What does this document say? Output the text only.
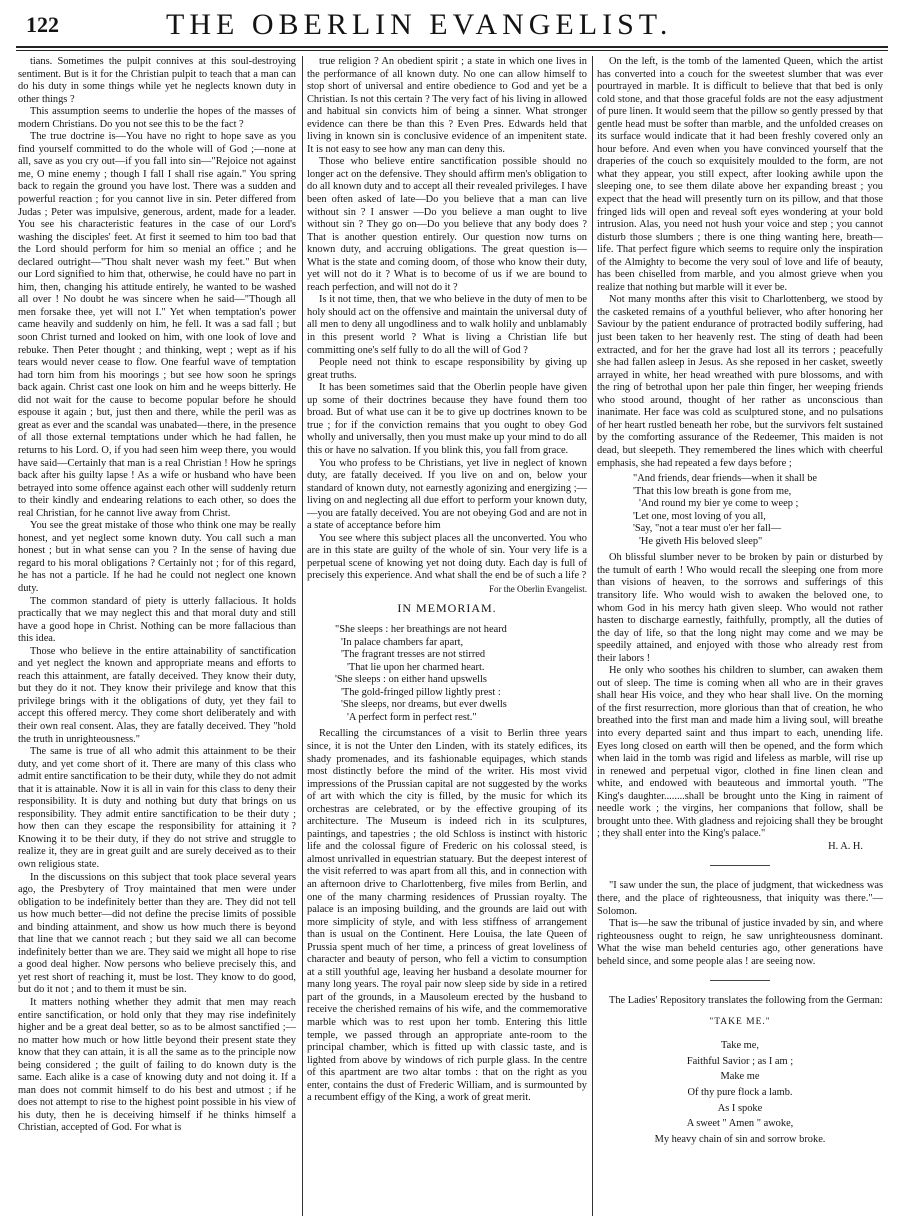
122	THE OBERLIN EVANGELIST.

tians. Sometimes the pulpit connives at this soul-destroying sentiment. But is it for the Christian pulpit to teach that a man can do his duty in some things while yet he neglects known duty in other things ?

This assumption seems to underlie the hopes of the masses of modern Christians. Do you not see this to be the fact ?

The true doctrine is—You have no right to hope save as you find yourself committed to do the whole will of God ;—none at all, save as you cry out—if you fall into sin—"Rejoice not against me, O mine enemy ; though I fall I shall rise again." You spring back to regain the ground you have lost. There was a sudden and powerful reaction ; for you cannot live in sin. Peter differed from Judas ; Peter was impulsive, generous, ardent, made for a leader. You see his characteristic features in the case of our Lord's washing the disciples' feet. At first it seemed to him too bad that the Lord should perform for him so menial an office ; and he declared outright—"Thou shalt never wash my feet." But when our Lord signified to him that, otherwise, he could have no part in him, then, changing his attitude entirely, he wanted to be washed all over ! No doubt he was sincere when he said—"Though all men forsake thee, yet will not I." Yet when temptation's power came heavily and suddenly on him, he fell. It was a sad fall ; but soon Christ turned and looked on him, with one look of love and rebuke. Then Peter thought ; and thinking, wept ; wept as if his tears would never cease to flow. One fearful wave of temptation had torn him from his moorings ; but see how soon he springs back again. Christ cast one look on him and he weeps bitterly. He did not wait for the cause to become popular before he should espouse it again ; but, just then and there, while the peril was as great as ever and the scandal was unabated—there, in the presence of all those external temptations under which he had fallen, he returns to his Lord. O, if you had seen him weep there, you would have said—Certainly that man is a real Christian ! How he springs back after his guilty lapse ! As a wife or husband who have been betrayed into some offence against each other will suddenly return to their kindly and endearing relations to each other, so does the real Christian, for he cannot live away from Christ.

You see the great mistake of those who think one may be really honest, and yet neglect some known duty. You call such a man honest ; but in what sense can you ? In the sense of having due regard to his moral obligations ? Certainly not ; for of this regard, he has not a particle. If he had he could not neglect one known duty.

The common standard of piety is utterly fallacious. It holds practically that we may neglect this and that moral duty and still have a good hope in Christ. Nothing can be more fallacious than this idea.

Those who believe in the entire attainability of sanctification and yet neglect the known and appropriate means and efforts to reach this attainment, are fatally deceived. They know their duty, but they do it not. They know their privilege and know that this privilege brings with it the obligations of duty, yet they fail to accept this offered mercy. They come short deliberately and with their own real consent. Alas, they are fatally deceived. They "hold the truth in unrighteousness."

The same is true of all who admit this attainment to be their duty, and yet come short of it. There are many of this class who admit entire sanctification to be their duty, while they do not admit that it is attainable. Now it is all in vain for this class to deny their responsibility. It is duty and nothing but duty that brings on us responsibility. They admit entire sanctification to be their duty ; how then can they escape the responsibility for attaining it ? Knowing it to be their duty, if they do not strive and struggle to realize it, they are in great guilt and are surely deceived as to their own religious state.

In the discussions on this subject that took place several years ago, the Presbytery of Troy maintained that men were under obligation to be indefinitely better than they are. They did not tell us how much better—did not define the precise limits of possible and binding attainment, and show us how much there is beyond that line that we cannot reach ; but they said we all can become indefinitely better than we are. They said we might all hope to rise a good deal higher. Now persons who believe precisely this, and yet rest short of reaching it, must be lost. They know to do good, but do it not ; and to them it must be sin.

It matters nothing whether they admit that men may reach entire sanctification, or hold only that they may rise indefinitely higher and be a great deal better, so as to be almost sanctified ;—no matter how much or how little beyond their present state they know that they can attain, it is all the same as to the principle now being considered ; the guilt of failing to do known duty is the same. Each alike is a case of knowing duty and not doing it. If a man does not commit himself to do his best and utmost ; if he does not attempt to rise to the highest point possible in his view of his duty, then he is deceiving himself if he thinks himself a Christian, accepted of God. For what is

true religion ? An obedient spirit ; a state in which one lives in the performance of all known duty. No one can allow himself to stop short of universal and entire obedience to God and yet be a Christian. Is not this certain ? The very fact of his living in allowed and habitual sin convicts him of being a sinner. What stronger evidence can there be than this ? Even Pres. Edwards held that living in known sin is conclusive evidence of an impenitent state. It is not easy to see how any man can deny this.

Those who believe entire sanctification possible should no longer act on the defensive. They should affirm men's obligation to do all known duty and to accept all their revealed privileges. I have been often asked of late—Do you believe that a man can live without sin ? I answer —Do you believe a man ought to live without sin ? They go on—Do you believe that any body does ? That is another question entirely. Our question now turns on known duty, and accruing obligations. The great question is—What is the state and coming doom, of those who know their duty, yet will not do it ? What is to become of us if we are bound to reach perfection, and will not do it ?

Is it not time, then, that we who believe in the duty of men to be holy should act on the offensive and maintain the universal duty of all men to deny all ungodliness and to walk holily and unblamably in this present world ? What is living a Christian life but committing one's self fully to do all the will of God ?

People need not think to escape responsibility by giving up great truths.

It has been sometimes said that the Oberlin people have given up some of their doctrines because they have found them too broad. But of what use can it be to give up doctrines known to be true ; for if the conviction remains that you ought to obey God wholly and universally, then you must make up your mind to do all this or have no salvation. If you blink this, you fall from grace.

You who profess to be Christians, yet live in neglect of known duty, are fatally deceived. If you live on and on, below your standard of known duty, not earnestly agonizing and energizing ;—living on and neglecting all due effort to perform your known duty,—you are fatally deceived. You are not obeying God and are not in a state of acceptance before him

You see where this subject places all the unconverted. You who are in this state are guilty of the whole of sin. Your very life is a perpetual scene of knowing yet not doing duty. Each day is full of precisely this experience. And what shall the end be of such a life ?

For the Oberlin Evangelist.

IN MEMORIAM.
"She sleeps : her breathings are not heard
'In palace chambers far apart,
'The fragrant tresses are not stirred
'That lie upon her charmed heart.
'She sleeps : on either hand upswells
'The gold-fringed pillow lightly prest :
'She sleeps, nor dreams, but ever dwells
'A perfect form in perfect rest."

Recalling the circumstances of a visit to Berlin three years since, it is not the Unter den Linden, with its stately edifices, its shady promenades, and its fashionable equipages, which stands most distinctly before the mind of the writer. His most vivid impressions of the Prussian capital are not suggested by the works of art with which the city is filled, by the music for which its orchestras are celebrated, or by the effective grouping of its architecture. The Museum is indeed rich in its sculptures, paintings, and tapestries ; the old Schloss is instinct with historic life and the colossal figure of Frederic on his colossal steed, is almost unrivalled in equestrian statuary. But the deepest interest of the visit referred to was apart from all this, and in connection with an afternoon drive to Charlottenberg, five miles from Berlin, and one of the many charming residences of Prussian royalty. The palace is an imposing building, and the grounds are laid out with more simplicity of style, and with less stiffness of arrangement than is usual on the Continent. Here Louisa, the late Queen of Prussia spent much of her time, a princess of great loveliness of character and beauty of person, who fell a victim to consumption at a still youthful age, leaving her husband a desolate mourner for many long years. The royal pair now sleep side by side in a retired part of the grounds, in a Mausoleum erected by the husband to receive the cherished remains of his wife, and the commemorative marble which was to rest upon her tomb. Entering this little temple, we passed through an appropriate ante-room to the principal chamber, which is fitted up with classic taste, and is lighted from above by windows of rich purple glass. In the centre of this apartment are two altar tombs : that on the right as you enter, contains the dust of Frederic William, and is surmounted by a recumbent effigy of the King, a work of great merit.

On the left, is the tomb of the lamented Queen, which the artist has converted into a couch for the sweetest slumber that was ever pourtrayed in marble. It is difficult to believe that that bed is only cold stone, and that those graceful folds are not the easy adjustment of pure linen. It would seem that the pillow so gently pressed by that gentle head must be softer than marble, and the unfolded creases on its surface would indicate that it had been freshly covered only an hour before. And even when you have convinced yourself that the draperies of the couch so exquisitely moulded to the form, are not what they appear, you still expect, after looking awhile upon the sleeping one, to see them dilate above her expanding breast ; you expect that the head will presently turn on its pillow, and that those fringed lids will open and reveal soft eyes wondering at your bold intrusion. Alas, you need not hush your voice and step ; you cannot disturb those slumbers ; there is one thing wanting here, breath—life. That perfect figure which seems to require only the inspiration of the Almighty to become the very soul of love and life of beauty, has been chiselled from marble, and you almost grieve when you realize that nothing but marble will it ever be.

Not many months after this visit to Charlottenberg, we stood by the casketed remains of a youthful believer, who after honoring her Saviour by the patient endurance of protracted bodily suffering, had just been taken to her heavenly rest. The sting of death had been extracted, and for her the grave had lost all its terrors ; peacefully she had fallen asleep in Jesus. As she reposed in her casket, sweetly arrayed in white, her head wreathed with pure blossoms, and with the ring of betrothal upon her pale thin finger, her weeping friends who stood around, thought of her rather as unconscious than inanimate. Her face was cold as sculptured stone, and no pulsations of her heart rustled beneath her robe, but the survivors felt sustained by the comforting assurance of the Redeemer, This maiden is not dead, but sleepeth. They remembered the lines which with cheerful emphasis, she had repeated a few days before ;

"And friends, dear friends—when it shall be
'That this low breath is gone from me,
'And round my bier ye come to weep ;
'Let one, most loving of you all,
'Say, "not a tear must o'er her fall—
'He giveth His beloved sleep"

Oh blissful slumber never to be broken by pain or disturbed by the tumult of earth ! Who would recall the sleeping one from more than visions of heaven, to the sorrows and sufferings of this transitory life. Who would wish to awaken the beloved one, to whom God in his mercy hath given sleep. Who would not rather hasten to discharge earnestly, faithfully, promptly, all the duties of the day of life, so that the long night may come and we may be speedily attained, and enjoyed with those who already rest from their labors !

He only who soothes his children to slumber, can awaken them out of sleep. The time is coming when all who are in their graves shall hear His voice, and they who hear shall live. On the morning of the first resurrection, more glorious than that of creation, he who breathed into the first man and made him a living soul, will breathe into every departed saint and thus impart to each, unending life. Eyes long closed on earth will then be opened, and the form which when laid in the tomb was rigid and lifeless as marble, will rise up in renewed and perpetual vigor, clothed in fine linen clean and white, and endowed with beauteous and immortal youth. "The King's daughter........shall be brought unto the King in raiment of needle work ; the virgins, her companions that follow, shall be brought unto thee. With gladness and rejoicing shall they be brought ; they shall enter into the King's palace."

H. A. H.

"I saw under the sun, the place of judgment, that wickedness was there, and the place of righteousness, that iniquity was there."—Solomon.

That is—he saw the tribunal of justice invaded by sin, and where righteousness ought to reign, he saw unrighteousness dominant. What the wise man beheld centuries ago, other generations have beheld since, and some people alas ! are seeing now.

The Ladies' Repository translates the following from the German:

"TAKE ME."
Take me,
Faithful Savior ; as I am ;
Make me
Of thy pure flock a lamb.
As I spoke
A sweet " Amen " awoke,
My heavy chain of sin and sorrow broke.
